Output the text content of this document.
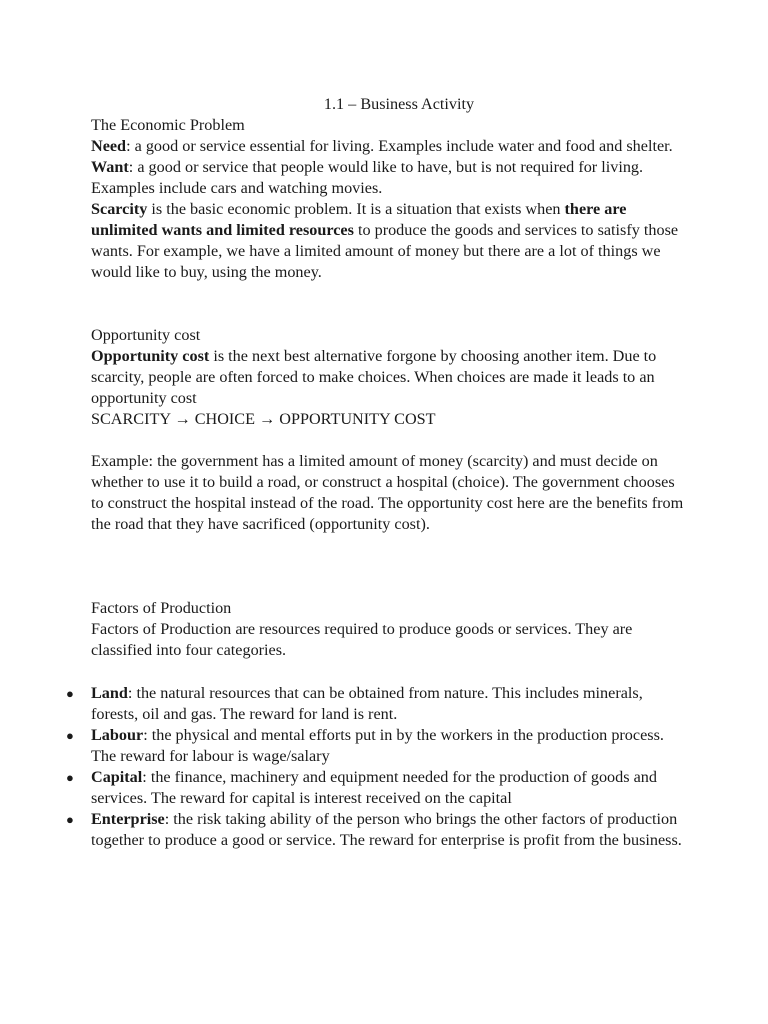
1.1 – Business Activity

The Economic Problem

Need: a good or service essential for living. Examples include water and food and shelter.

Want: a good or service that people would like to have, but is not required for living. Examples include cars and watching movies.

Scarcity is the basic economic problem. It is a situation that exists when there are unlimited wants and limited resources to produce the goods and services to satisfy those wants. For example, we have a limited amount of money but there are a lot of things we would like to buy, using the money.

Opportunity cost

Opportunity cost is the next best alternative forgone by choosing another item. Due to scarcity, people are often forced to make choices. When choices are made it leads to an opportunity cost

SCARCITY → CHOICE → OPPORTUNITY COST

Example: the government has a limited amount of money (scarcity) and must decide on whether to use it to build a road, or construct a hospital (choice). The government chooses to construct the hospital instead of the road. The opportunity cost here are the benefits from the road that they have sacrificed (opportunity cost).

Factors of Production

Factors of Production are resources required to produce goods or services. They are classified into four categories.

● Land: the natural resources that can be obtained from nature. This includes minerals, forests, oil and gas. The reward for land is rent.
● Labour: the physical and mental efforts put in by the workers in the production process. The reward for labour is wage/salary
● Capital: the finance, machinery and equipment needed for the production of goods and services. The reward for capital is interest received on the capital
● Enterprise: the risk taking ability of the person who brings the other factors of production together to produce a good or service. The reward for enterprise is profit from the business.
